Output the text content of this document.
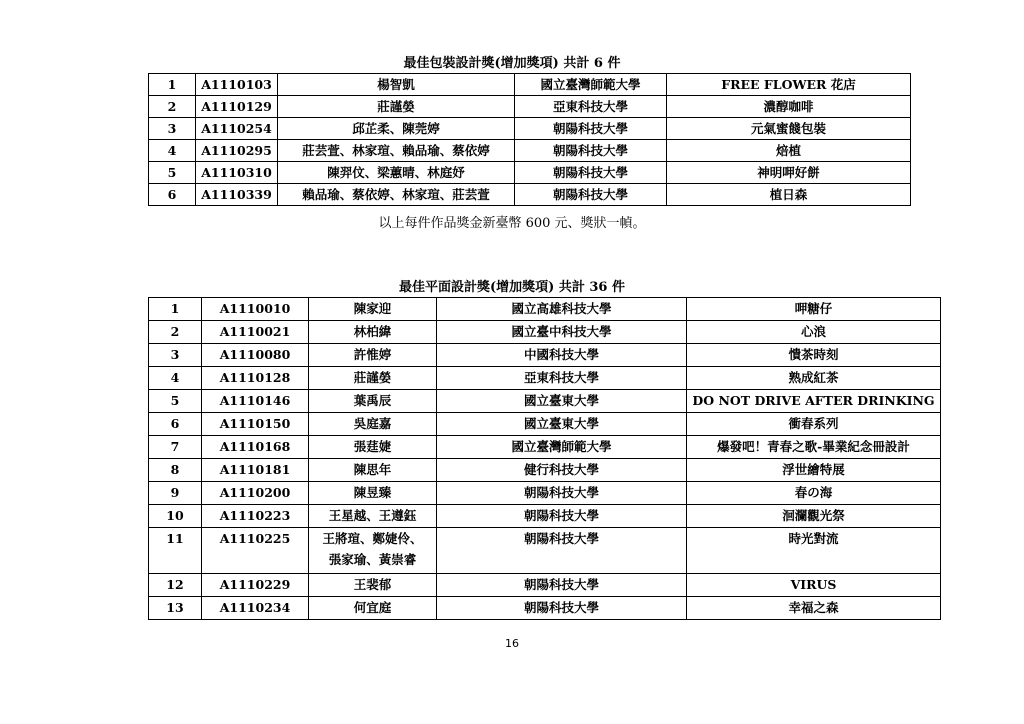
最佳包裝設計獎(增加獎項) 共計 6 件
1	A1110103	楊智凱	國立臺灣師範大學	FREE FLOWER 花店
2	A1110129	莊謹嫈	亞東科技大學	濃醇咖啡
3	A1110254	邱芷柔、陳莞婷	朝陽科技大學	元氣蜜餞包裝
4	A1110295	莊芸萱、林家瑄、賴品瑜、蔡依婷	朝陽科技大學	焙植
5	A1110310	陳羿伩、梁蕙晴、林庭妤	朝陽科技大學	神明呷好餅
6	A1110339	賴品瑜、蔡依婷、林家瑄、莊芸萱	朝陽科技大學	植日森
以上每件作品獎金新臺幣 600 元、獎狀一幀。
最佳平面設計獎(增加獎項) 共計 36 件
1	A1110010	陳家迎	國立高雄科技大學	呷糖仔
2	A1110021	林柏緯	國立臺中科技大學	心浪
3	A1110080	許惟婷	中國科技大學	憒茶時刻
4	A1110128	莊謹嫈	亞東科技大學	熟成紅茶
5	A1110146	葉禹辰	國立臺東大學	DO NOT DRIVE AFTER DRINKING
6	A1110150	吳庭嘉	國立臺東大學	衝春系列
7	A1110168	張莛婕	國立臺灣師範大學	爆發吧！青春之歌-畢業紀念冊設計
8	A1110181	陳思年	健行科技大學	浮世繪特展
9	A1110200	陳昱臻	朝陽科技大學	春の海
10	A1110223	王星越、王遵鈺	朝陽科技大學	洄瀾觀光祭
11	A1110225	王將瑄、鄭婕伶、
張家瑜、黃崇睿	朝陽科技大學	時光對流
12	A1110229	王裴郁	朝陽科技大學	VIRUS
13	A1110234	何宜庭	朝陽科技大學	幸福之森
16
